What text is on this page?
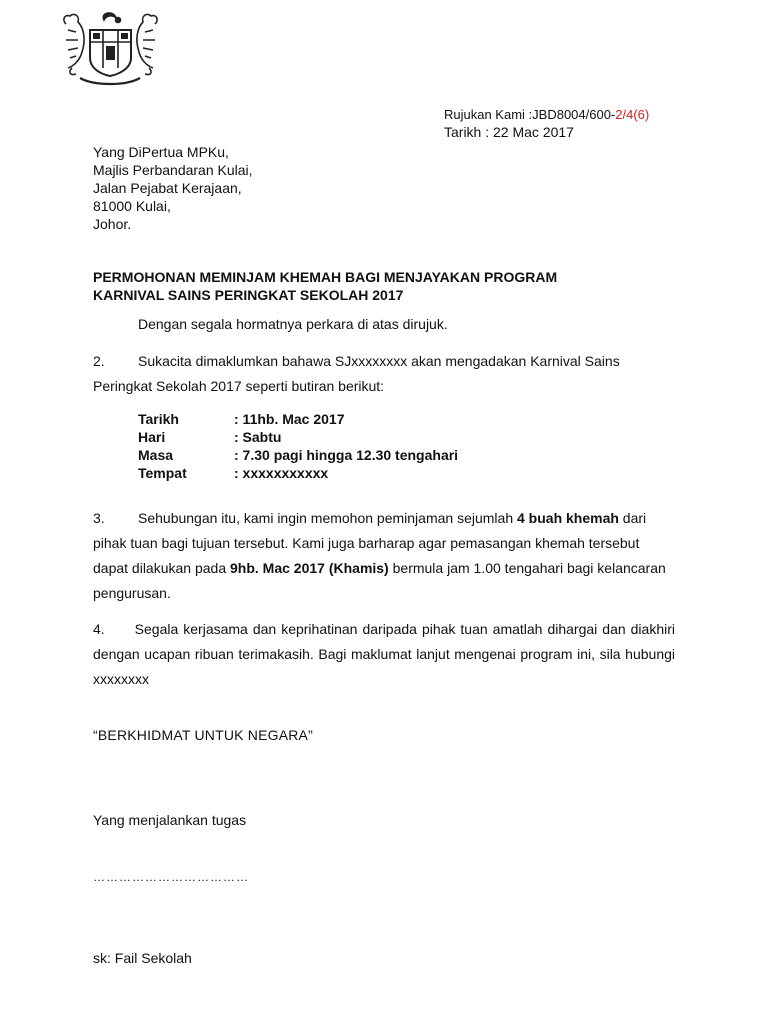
Rujukan Kami :JBD8004/600-2/4(6)
Tarikh : 22 Mac 2017
Yang DiPertua MPKu,
Majlis Perbandaran Kulai,
Jalan Pejabat Kerajaan,
81000 Kulai,
Johor.
PERMOHONAN MEMINJAM KHEMAH BAGI MENJAYAKAN PROGRAM
KARNIVAL SAINS PERINGKAT SEKOLAH 2017
Dengan segala hormatnya perkara di atas dirujuk.
2. Sukacita dimaklumkan bahawa SJxxxxxxxx akan mengadakan Karnival Sains Peringkat Sekolah 2017 seperti butiran berikut:
Tarikh	: 11hb. Mac 2017
Hari	: Sabtu
Masa	: 7.30 pagi hingga 12.30 tengahari
Tempat	: xxxxxxxxxxx
3. Sehubungan itu, kami ingin memohon peminjaman sejumlah 4 buah khemah dari pihak tuan bagi tujuan tersebut. Kami juga barharap agar pemasangan khemah tersebut dapat dilakukan pada 9hb. Mac 2017 (Khamis) bermula jam 1.00 tengahari bagi kelancaran pengurusan.
4. Segala kerjasama dan keprihatinan daripada pihak tuan amatlah dihargai dan diakhiri dengan ucapan ribuan terimakasih. Bagi maklumat lanjut mengenai program ini, sila hubungi xxxxxxxx
“BERKHIDMAT UNTUK NEGARA”
Yang menjalankan tugas
………………………………
sk: Fail Sekolah
